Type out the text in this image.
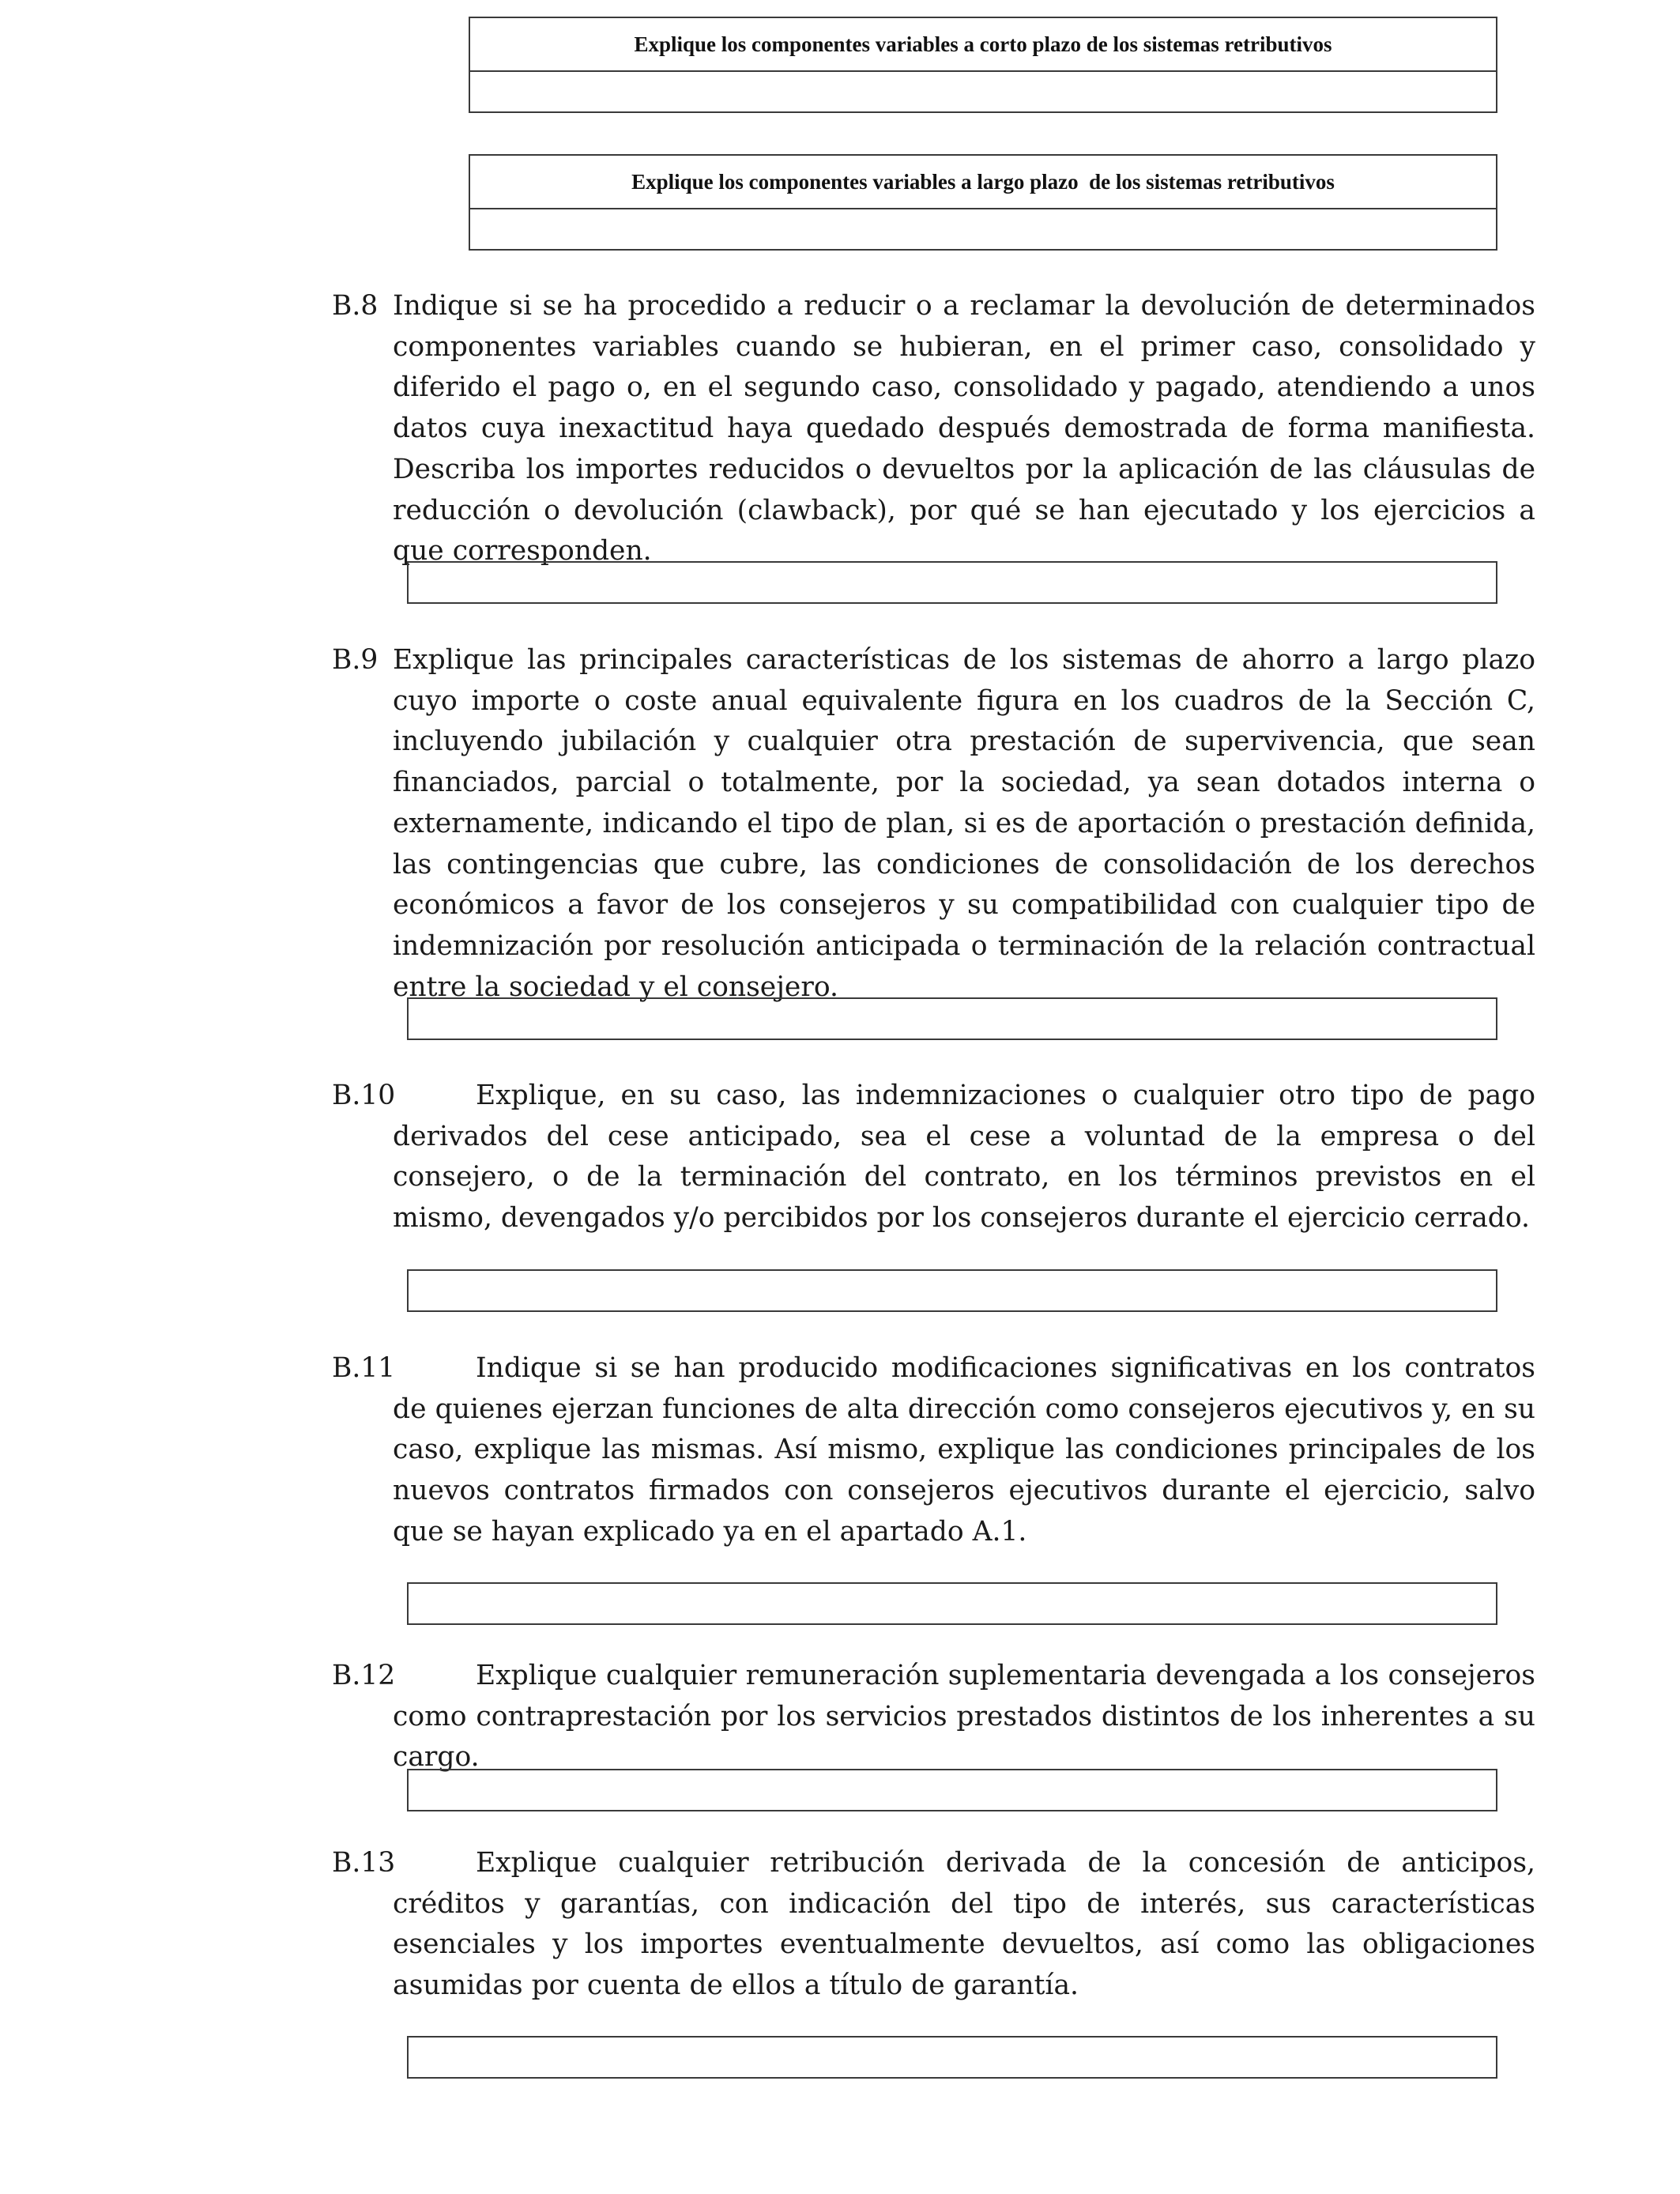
Explique los componentes variables a corto plazo de los sistemas retributivos
Explique los componentes variables a largo plazo  de los sistemas retributivos
B.8 Indique si se ha procedido a reducir o a reclamar la devolución de determinados componentes variables cuando se hubieran, en el primer caso, consolidado y diferido el pago o, en el segundo caso, consolidado y pagado, atendiendo a unos datos cuya inexactitud haya quedado después demostrada de forma manifiesta. Describa los importes reducidos o devueltos por la aplicación de las cláusulas de reducción o devolución (clawback), por qué se han ejecutado y los ejercicios a que corresponden.
B.9 Explique las principales características de los sistemas de ahorro a largo plazo cuyo importe o coste anual equivalente figura en los cuadros de la Sección C, incluyendo jubilación y cualquier otra prestación de supervivencia, que sean financiados, parcial o totalmente, por la sociedad, ya sean dotados interna o externamente, indicando el tipo de plan, si es de aportación o prestación definida, las contingencias que cubre, las condiciones de consolidación de los derechos económicos a favor de los consejeros y su compatibilidad con cualquier tipo de indemnización por resolución anticipada o terminación de la relación contractual entre la sociedad y el consejero.
B.10	Explique, en su caso, las indemnizaciones o cualquier otro tipo de pago derivados del cese anticipado, sea el cese a voluntad de la empresa o del consejero, o de la terminación del contrato, en los términos previstos en el mismo, devengados y/o percibidos por los consejeros durante el ejercicio cerrado.
B.11	Indique si se han producido modificaciones significativas en los contratos de quienes ejerzan funciones de alta dirección como consejeros ejecutivos y, en su caso, explique las mismas. Así mismo, explique las condiciones principales de los nuevos contratos firmados con consejeros ejecutivos durante el ejercicio, salvo que se hayan explicado ya en el apartado A.1.
B.12	Explique cualquier remuneración suplementaria devengada a los consejeros como contraprestación por los servicios prestados distintos de los inherentes a su cargo.
B.13	Explique cualquier retribución derivada de la concesión de anticipos, créditos y garantías, con indicación del tipo de interés, sus características esenciales y los importes eventualmente devueltos, así como las obligaciones asumidas por cuenta de ellos a título de garantía.
